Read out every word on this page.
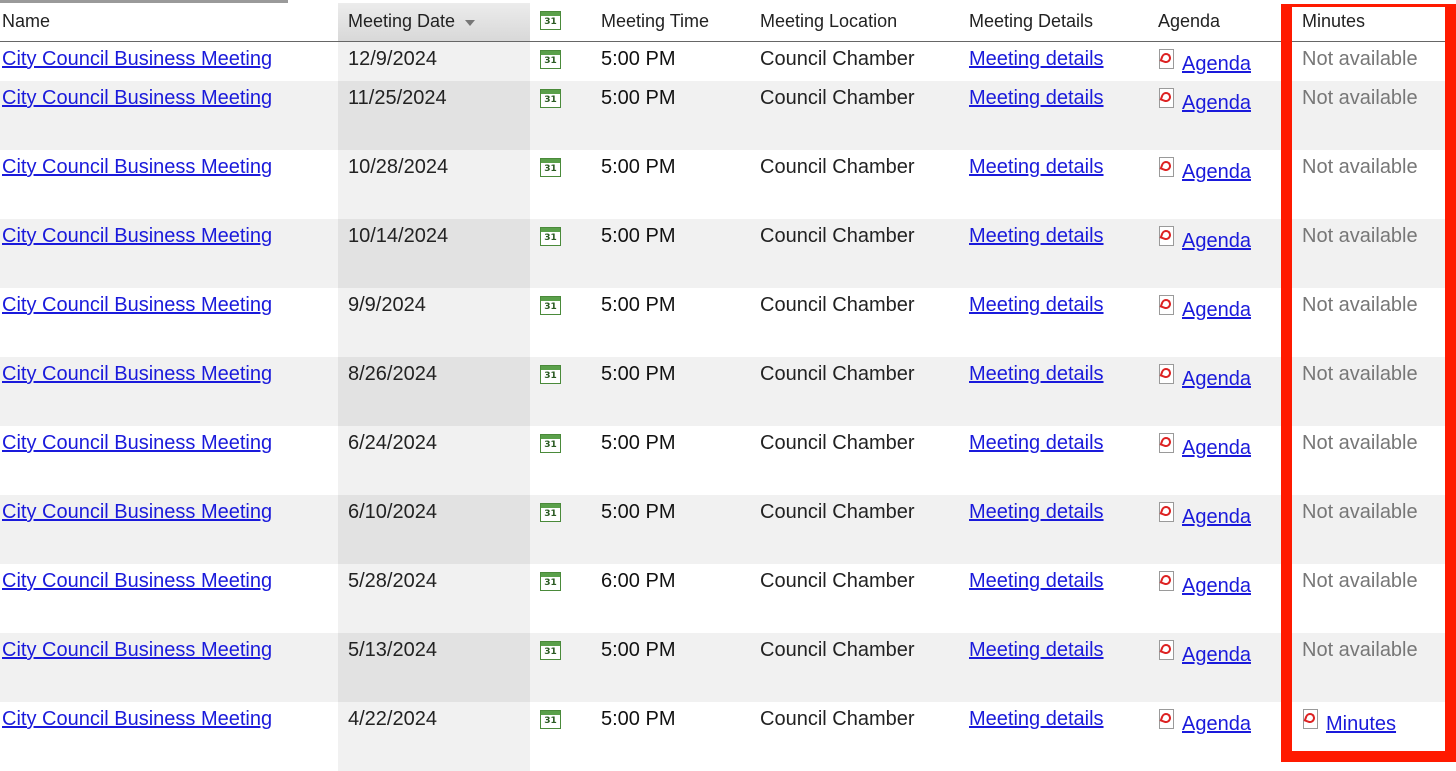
Name	Meeting Date	31	Meeting Time	Meeting Location	Meeting Details	Agenda	Minutes
City Council Business Meeting	12/9/2024	31	5:00 PM	Council Chamber	Meeting details	Agenda	Not available
City Council Business Meeting	11/25/2024	31	5:00 PM	Council Chamber	Meeting details	Agenda	Not available
City Council Business Meeting	10/28/2024	31	5:00 PM	Council Chamber	Meeting details	Agenda	Not available
City Council Business Meeting	10/14/2024	31	5:00 PM	Council Chamber	Meeting details	Agenda	Not available
City Council Business Meeting	9/9/2024	31	5:00 PM	Council Chamber	Meeting details	Agenda	Not available
City Council Business Meeting	8/26/2024	31	5:00 PM	Council Chamber	Meeting details	Agenda	Not available
City Council Business Meeting	6/24/2024	31	5:00 PM	Council Chamber	Meeting details	Agenda	Not available
City Council Business Meeting	6/10/2024	31	5:00 PM	Council Chamber	Meeting details	Agenda	Not available
City Council Business Meeting	5/28/2024	31	6:00 PM	Council Chamber	Meeting details	Agenda	Not available
City Council Business Meeting	5/13/2024	31	5:00 PM	Council Chamber	Meeting details	Agenda	Not available
City Council Business Meeting	4/22/2024	31	5:00 PM	Council Chamber	Meeting details	Agenda	Minutes
